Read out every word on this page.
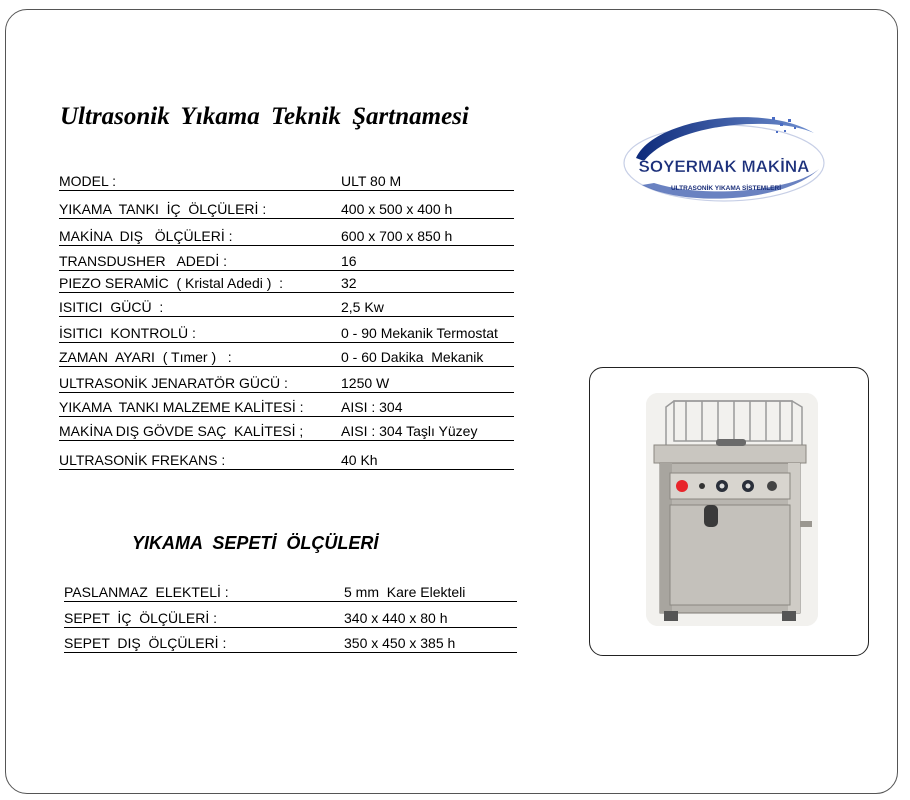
Ultrasonik Yıkama Teknik Şartnamesi
MODEL :	ULT 80 M
YIKAMA  TANKI  İÇ  ÖLÇÜLERİ :	400 x 500 x 400 h
MAKİNA  DIŞ   ÖLÇÜLERİ :	600 x 700 x 850 h
TRANSDUSHER   ADEDİ :	16
PIEZO SERAMİC  ( Kristal Adedi )  :	32
ISITICI  GÜCÜ  :	2,5 Kw
İSITICI  KONTROLÜ :	0 - 90 Mekanik Termostat
ZAMAN  AYARI  ( Tımer )   :	0 - 60 Dakika  Mekanik
ULTRASONİK JENARATÖR GÜCÜ :	1250 W
YIKAMA  TANKI MALZEME KALİTESİ :	AISI : 304
MAKİNA DIŞ GÖVDE SAÇ  KALİTESİ ;	AISI : 304 Taşlı Yüzey
ULTRASONİK FREKANS :	40 Kh
YIKAMA SEPETİ ÖLÇÜLERİ
PASLANMAZ  ELEKTELİ :	5 mm  Kare Elekteli
SEPET  İÇ  ÖLÇÜLERİ :	340 x 440 x 80 h
SEPET  DIŞ  ÖLÇÜLERİ :	350 x 450 x 385 h
SOYERMAK MAKİNA
ULTRASONİK YIKAMA SİSTEMLERİ
